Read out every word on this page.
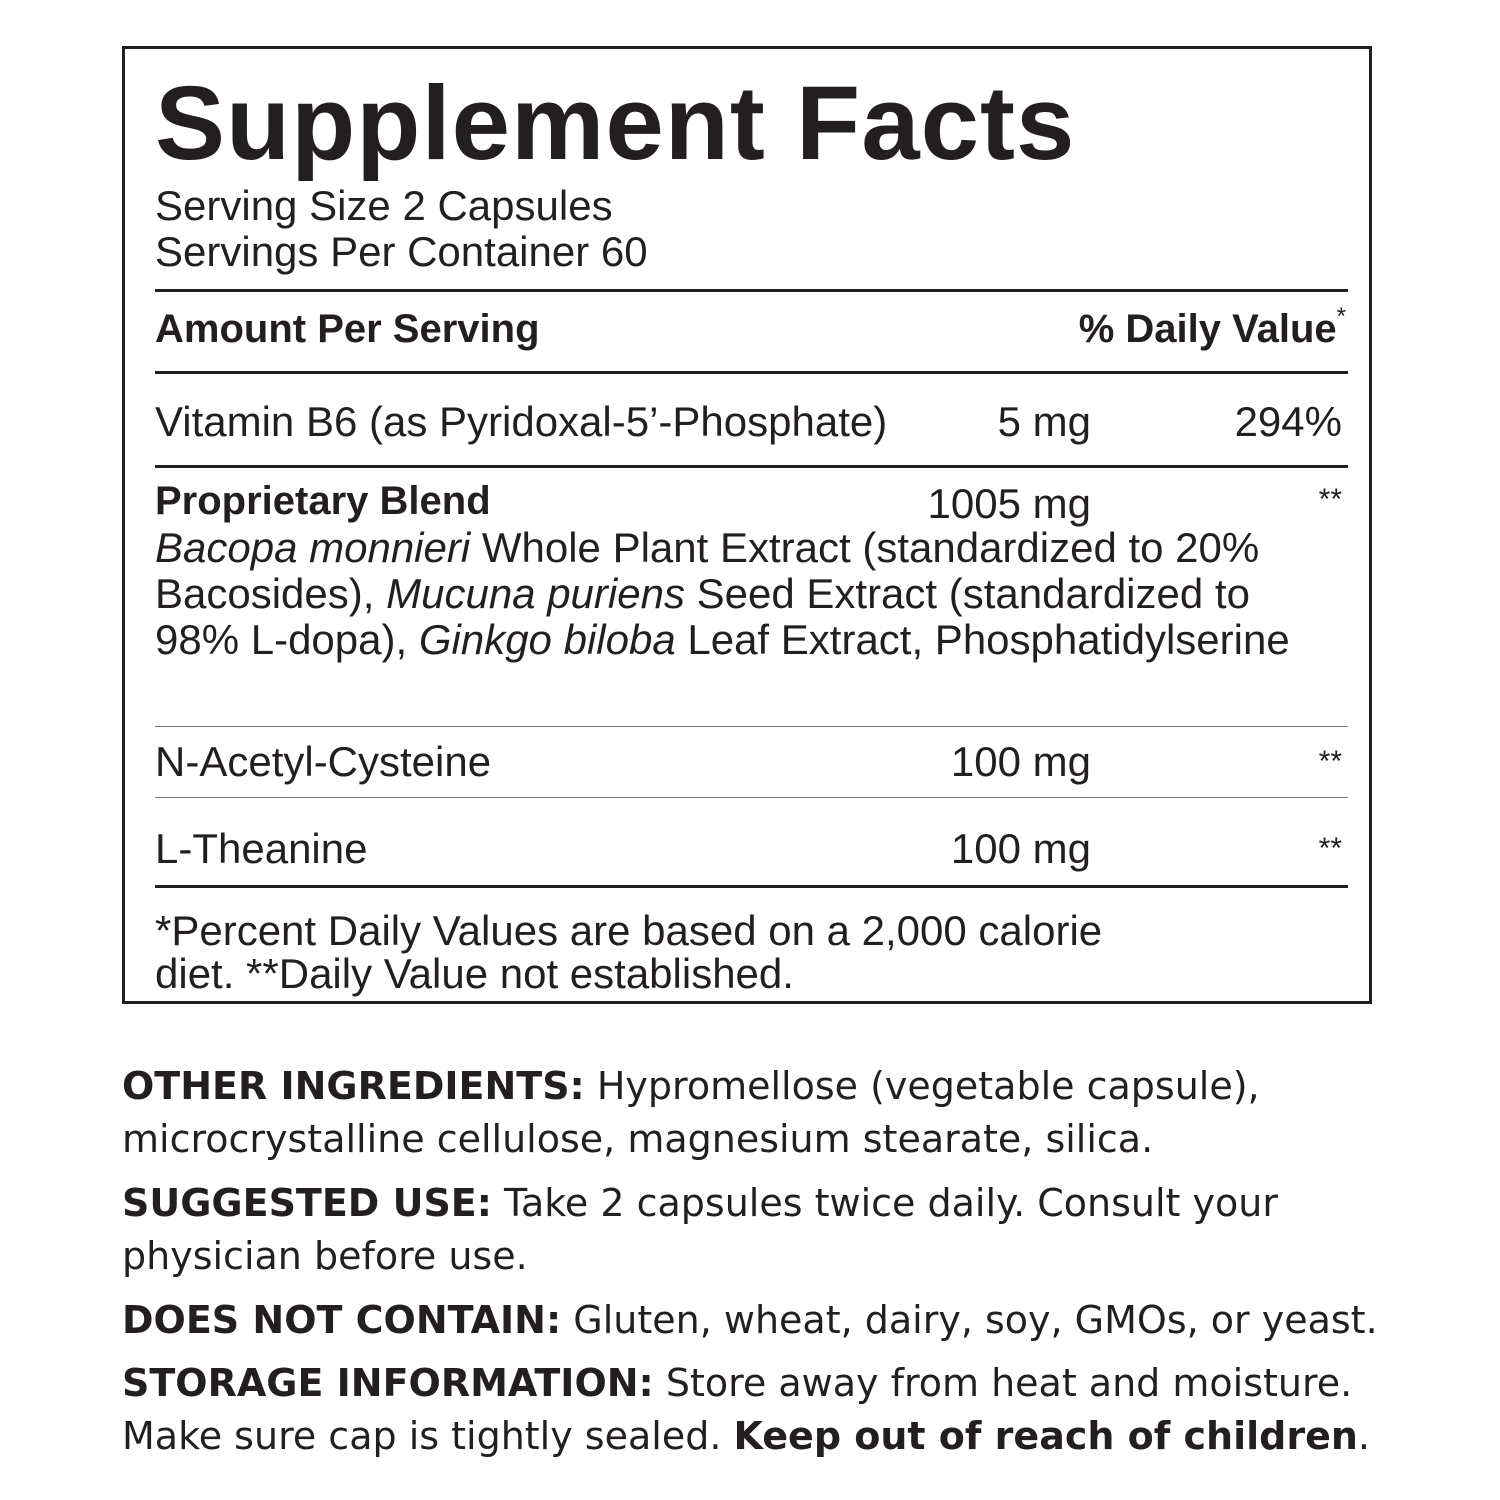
Supplement Facts
Serving Size 2 Capsules
Servings Per Container 60
Amount Per Serving	% Daily Value*
Vitamin B6 (as Pyridoxal-5’-Phosphate)	5 mg	294%
Proprietary Blend	1005 mg	**
Bacopa monnieri Whole Plant Extract (standardized to 20% Bacosides), Mucuna puriens Seed Extract (standardized to 98% L-dopa), Ginkgo biloba Leaf Extract, Phosphatidylserine
N-Acetyl-Cysteine	100 mg	**
L-Theanine	100 mg	**
*Percent Daily Values are based on a 2,000 calorie diet. **Daily Value not established.
OTHER INGREDIENTS: Hypromellose (vegetable capsule), microcrystalline cellulose, magnesium stearate, silica.
SUGGESTED USE: Take 2 capsules twice daily. Consult your physician before use.
DOES NOT CONTAIN: Gluten, wheat, dairy, soy, GMOs, or yeast.
STORAGE INFORMATION: Store away from heat and moisture. Make sure cap is tightly sealed. Keep out of reach of children.
